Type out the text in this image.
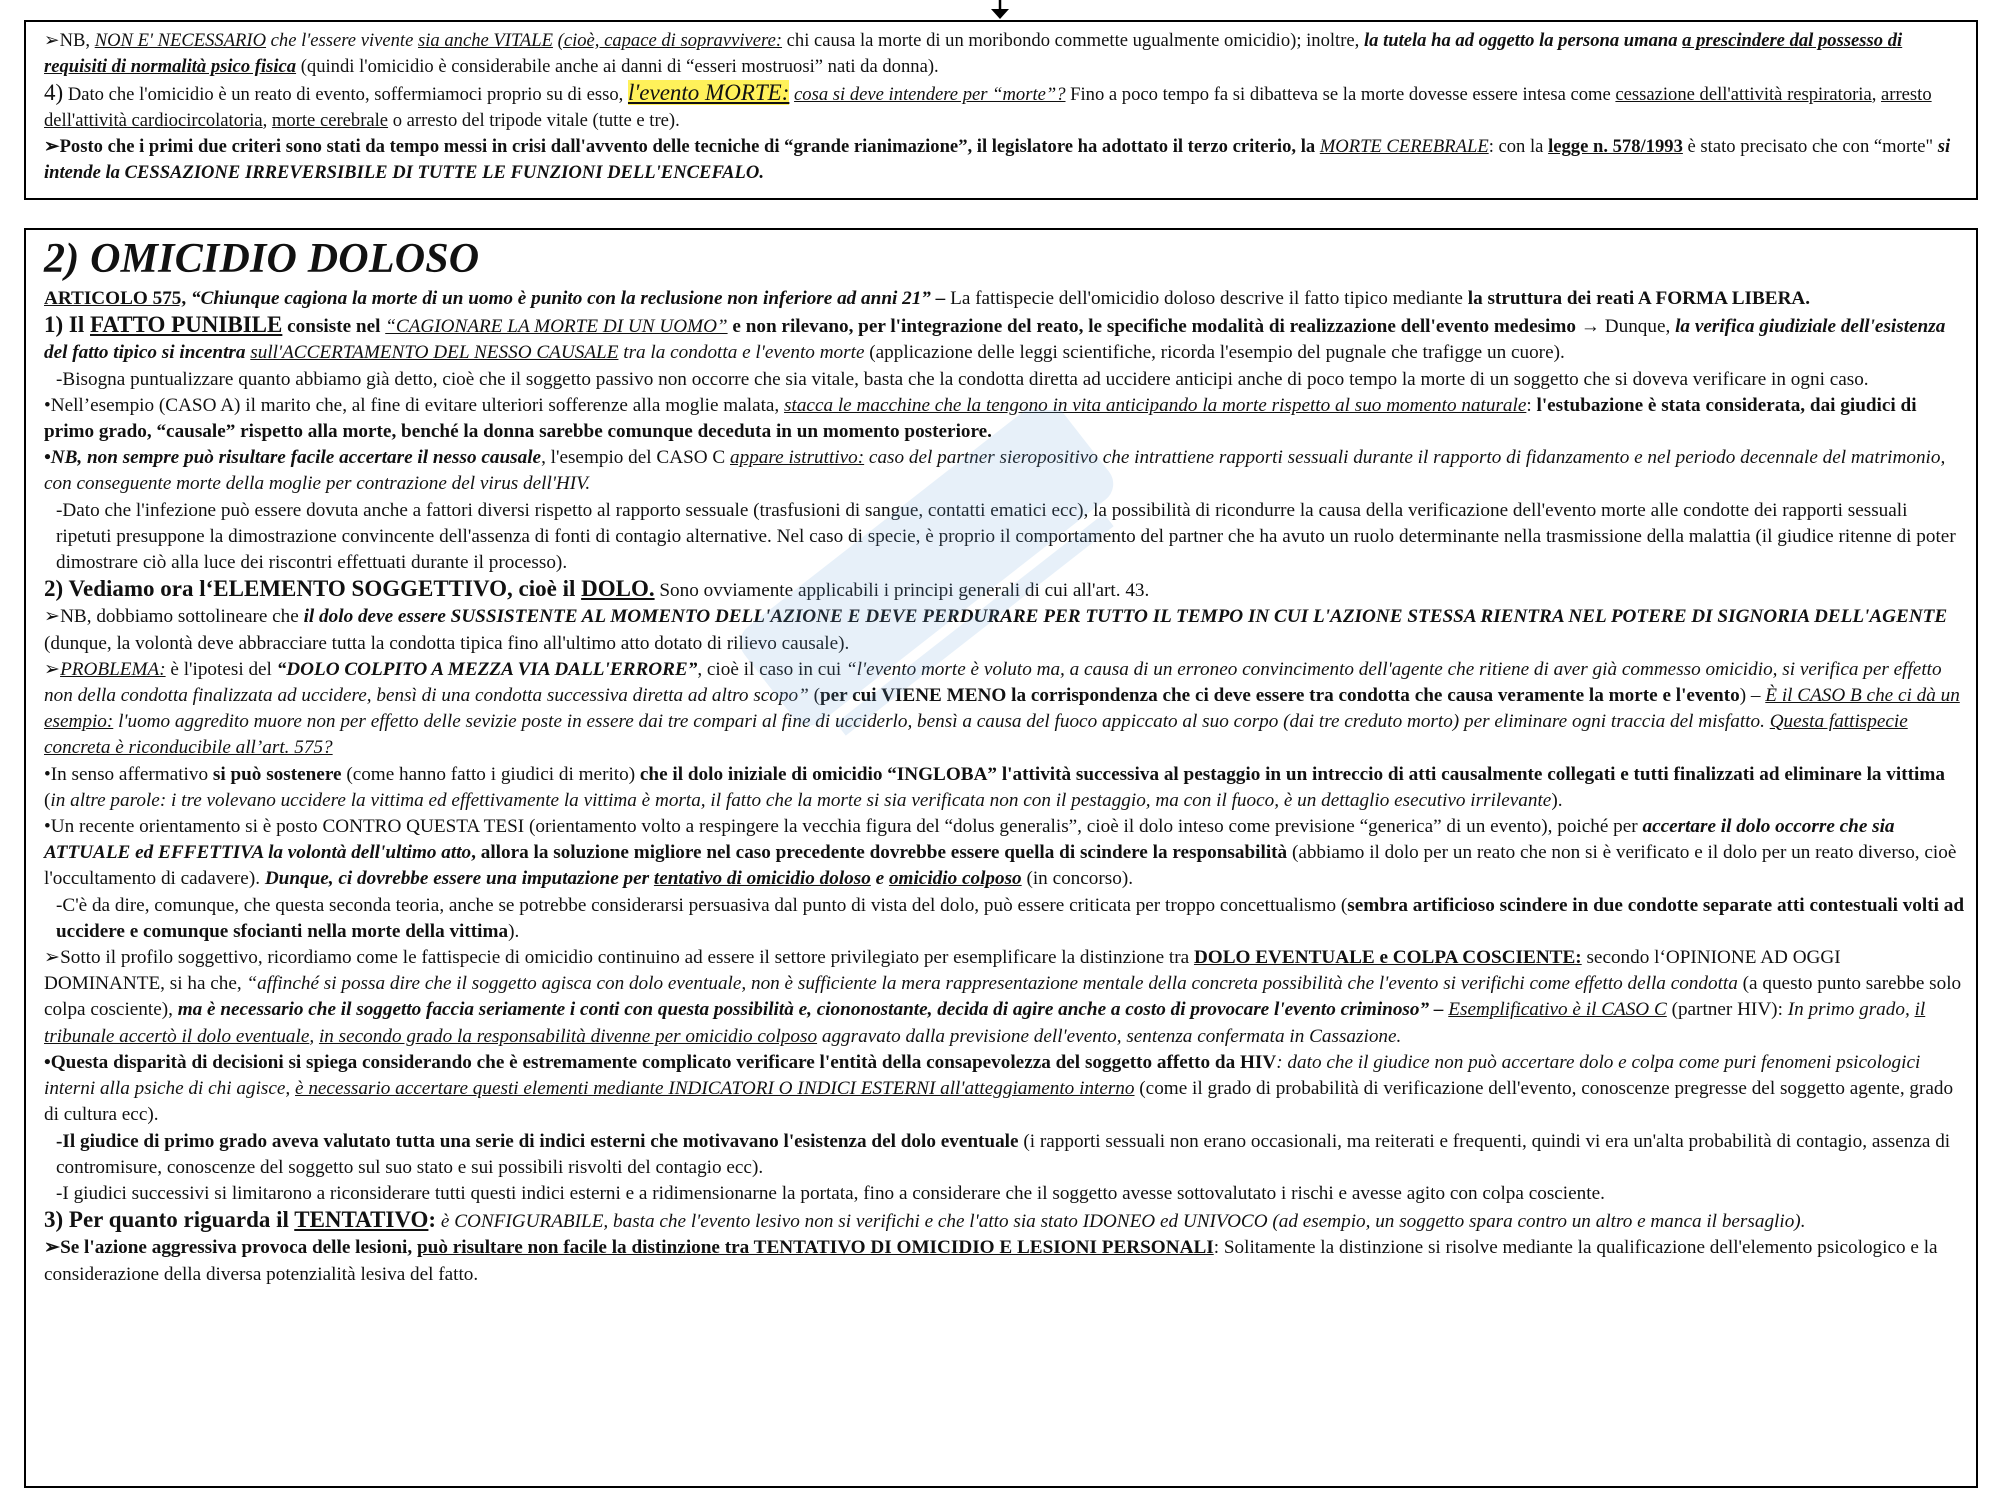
➢NB, NON E' NECESSARIO che l'essere vivente sia anche VITALE (cioè, capace di sopravvivere: chi causa la morte di un moribondo commette ugualmente omicidio); inoltre, la tutela ha ad oggetto la persona umana a prescindere dal possesso di requisiti di normalità psico fisica (quindi l'omicidio è considerabile anche ai danni di “esseri mostruosi” nati da donna).

4) Dato che l'omicidio è un reato di evento, soffermiamoci proprio su di esso, l'evento MORTE: cosa si deve intendere per “morte”? Fino a poco tempo fa si dibatteva se la morte dovesse essere intesa come cessazione dell'attività respiratoria, arresto dell'attività cardiocircolatoria, morte cerebrale o arresto del tripode vitale (tutte e tre).

➢Posto che i primi due criteri sono stati da tempo messi in crisi dall'avvento delle tecniche di “grande rianimazione”, il legislatore ha adottato il terzo criterio, la MORTE CEREBRALE: con la legge n. 578/1993 è stato precisato che con “morte" si intende la CESSAZIONE IRREVERSIBILE DI TUTTE LE FUNZIONI DELL'ENCEFALO.

2) OMICIDIO DOLOSO

ARTICOLO 575, “Chiunque cagiona la morte di un uomo è punito con la reclusione non inferiore ad anni 21” – La fattispecie dell'omicidio doloso descrive il fatto tipico mediante la struttura dei reati A FORMA LIBERA.

1) Il FATTO PUNIBILE consiste nel “CAGIONARE LA MORTE DI UN UOMO” e non rilevano, per l'integrazione del reato, le specifiche modalità di realizzazione dell'evento medesimo → Dunque, la verifica giudiziale dell'esistenza del fatto tipico si incentra sull'ACCERTAMENTO DEL NESSO CAUSALE tra la condotta e l'evento morte (applicazione delle leggi scientifiche, ricorda l'esempio del pugnale che trafigge un cuore).

-Bisogna puntualizzare quanto abbiamo già detto, cioè che il soggetto passivo non occorre che sia vitale, basta che la condotta diretta ad uccidere anticipi anche di poco tempo la morte di un soggetto che si doveva verificare in ogni caso.

•Nell’esempio (CASO A) il marito che, al fine di evitare ulteriori sofferenze alla moglie malata, stacca le macchine che la tengono in vita anticipando la morte rispetto al suo momento naturale: l'estubazione è stata considerata, dai giudici di primo grado, “causale” rispetto alla morte, benché la donna sarebbe comunque deceduta in un momento posteriore.

•NB, non sempre può risultare facile accertare il nesso causale, l'esempio del CASO C appare istruttivo: caso del partner sieropositivo che intrattiene rapporti sessuali durante il rapporto di fidanzamento e nel periodo decennale del matrimonio, con conseguente morte della moglie per contrazione del virus dell'HIV.

-Dato che l'infezione può essere dovuta anche a fattori diversi rispetto al rapporto sessuale (trasfusioni di sangue, contatti ematici ecc), la possibilità di ricondurre la causa della verificazione dell'evento morte alle condotte dei rapporti sessuali ripetuti presuppone la dimostrazione convincente dell'assenza di fonti di contagio alternative. Nel caso di specie, è proprio il comportamento del partner che ha avuto un ruolo determinante nella trasmissione della malattia (il giudice ritenne di poter dimostrare ciò alla luce dei riscontri effettuati durante il processo).

2) Vediamo ora l‘ELEMENTO SOGGETTIVO, cioè il DOLO. Sono ovviamente applicabili i principi generali di cui all'art. 43.

➢NB, dobbiamo sottolineare che il dolo deve essere SUSSISTENTE AL MOMENTO DELL'AZIONE E DEVE PERDURARE PER TUTTO IL TEMPO IN CUI L'AZIONE STESSA RIENTRA NEL POTERE DI SIGNORIA DELL'AGENTE (dunque, la volontà deve abbracciare tutta la condotta tipica fino all'ultimo atto dotato di rilievo causale).

➢PROBLEMA: è l'ipotesi del “DOLO COLPITO A MEZZA VIA DALL'ERRORE”, cioè il caso in cui “l'evento morte è voluto ma, a causa di un erroneo convincimento dell'agente che ritiene di aver già commesso omicidio, si verifica per effetto non della condotta finalizzata ad uccidere, bensì di una condotta successiva diretta ad altro scopo” (per cui VIENE MENO la corrispondenza che ci deve essere tra condotta che causa veramente la morte e l'evento) – È il CASO B che ci dà un esempio: l'uomo aggredito muore non per effetto delle sevizie poste in essere dai tre compari al fine di ucciderlo, bensì a causa del fuoco appiccato al suo corpo (dai tre creduto morto) per eliminare ogni traccia del misfatto. Questa fattispecie concreta è riconducibile all’art. 575?

•In senso affermativo si può sostenere (come hanno fatto i giudici di merito) che il dolo iniziale di omicidio “INGLOBA” l'attività successiva al pestaggio in un intreccio di atti causalmente collegati e tutti finalizzati ad eliminare la vittima (in altre parole: i tre volevano uccidere la vittima ed effettivamente la vittima è morta, il fatto che la morte si sia verificata non con il pestaggio, ma con il fuoco, è un dettaglio esecutivo irrilevante).

•Un recente orientamento si è posto CONTRO QUESTA TESI (orientamento volto a respingere la vecchia figura del “dolus generalis”, cioè il dolo inteso come previsione “generica” di un evento), poiché per accertare il dolo occorre che sia ATTUALE ed EFFETTIVA la volontà dell'ultimo atto, allora la soluzione migliore nel caso precedente dovrebbe essere quella di scindere la responsabilità (abbiamo il dolo per un reato che non si è verificato e il dolo per un reato diverso, cioè l'occultamento di cadavere). Dunque, ci dovrebbe essere una imputazione per tentativo di omicidio doloso e omicidio colposo (in concorso).

-C'è da dire, comunque, che questa seconda teoria, anche se potrebbe considerarsi persuasiva dal punto di vista del dolo, può essere criticata per troppo concettualismo (sembra artificioso scindere in due condotte separate atti contestuali volti ad uccidere e comunque sfocianti nella morte della vittima).

➢Sotto il profilo soggettivo, ricordiamo come le fattispecie di omicidio continuino ad essere il settore privilegiato per esemplificare la distinzione tra DOLO EVENTUALE e COLPA COSCIENTE: secondo l‘OPINIONE AD OGGI DOMINANTE, si ha che, “affinché si possa dire che il soggetto agisca con dolo eventuale, non è sufficiente la mera rappresentazione mentale della concreta possibilità che l'evento si verifichi come effetto della condotta (a questo punto sarebbe solo colpa cosciente), ma è necessario che il soggetto faccia seriamente i conti con questa possibilità e, ciononostante, decida di agire anche a costo di provocare l'evento criminoso” – Esemplificativo è il CASO C (partner HIV): In primo grado, il tribunale accertò il dolo eventuale, in secondo grado la responsabilità divenne per omicidio colposo aggravato dalla previsione dell'evento, sentenza confermata in Cassazione.

•Questa disparità di decisioni si spiega considerando che è estremamente complicato verificare l'entità della consapevolezza del soggetto affetto da HIV: dato che il giudice non può accertare dolo e colpa come puri fenomeni psicologici interni alla psiche di chi agisce, è necessario accertare questi elementi mediante INDICATORI O INDICI ESTERNI all'atteggiamento interno (come il grado di probabilità di verificazione dell'evento, conoscenze pregresse del soggetto agente, grado di cultura ecc).

-Il giudice di primo grado aveva valutato tutta una serie di indici esterni che motivavano l'esistenza del dolo eventuale (i rapporti sessuali non erano occasionali, ma reiterati e frequenti, quindi vi era un'alta probabilità di contagio, assenza di contromisure, conoscenze del soggetto sul suo stato e sui possibili risvolti del contagio ecc).

-I giudici successivi si limitarono a riconsiderare tutti questi indici esterni e a ridimensionarne la portata, fino a considerare che il soggetto avesse sottovalutato i rischi e avesse agito con colpa cosciente.

3) Per quanto riguarda il TENTATIVO: è CONFIGURABILE, basta che l'evento lesivo non si verifichi e che l'atto sia stato IDONEO ed UNIVOCO (ad esempio, un soggetto spara contro un altro e manca il bersaglio).

➢Se l'azione aggressiva provoca delle lesioni, può risultare non facile la distinzione tra TENTATIVO DI OMICIDIO E LESIONI PERSONALI: Solitamente la distinzione si risolve mediante la qualificazione dell'elemento psicologico e la considerazione della diversa potenzialità lesiva del fatto.
